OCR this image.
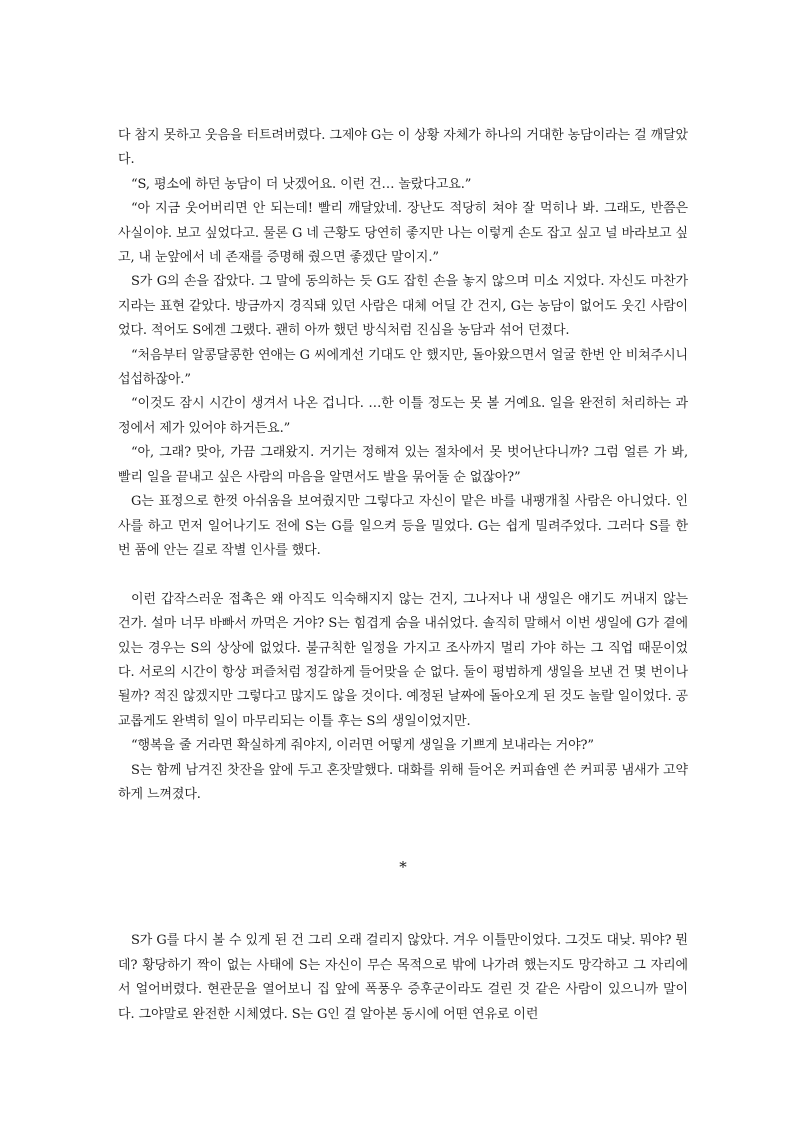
다 참지 못하고 웃음을 터트려버렸다. 그제야 G는 이 상황 자체가 하나의 거대한 농담이라는 걸 깨달았다.

“S, 평소에 하던 농담이 더 낫겠어요. 이런 건… 놀랐다고요.”

“아 지금 웃어버리면 안 되는데! 빨리 깨달았네. 장난도 적당히 쳐야 잘 먹히나 봐. 그래도, 반쯤은 사실이야. 보고 싶었다고. 물론 G 네 근황도 당연히 좋지만 나는 이렇게 손도 잡고 싶고 널 바라보고 싶고, 내 눈앞에서 네 존재를 증명해 줬으면 좋겠단 말이지.”

S가 G의 손을 잡았다. 그 말에 동의하는 듯 G도 잡힌 손을 놓지 않으며 미소 지었다. 자신도 마찬가지라는 표현 같았다. 방금까지 경직돼 있던 사람은 대체 어딜 간 건지, G는 농담이 없어도 웃긴 사람이었다. 적어도 S에겐 그랬다. 괜히 아까 했던 방식처럼 진심을 농담과 섞어 던졌다.

“처음부터 알콩달콩한 연애는 G 씨에게선 기대도 안 했지만, 돌아왔으면서 얼굴 한번 안 비쳐주시니 섭섭하잖아.”

“이것도 잠시 시간이 생겨서 나온 겁니다. …한 이틀 정도는 못 볼 거예요. 일을 완전히 처리하는 과정에서 제가 있어야 하거든요.”

“아, 그래? 맞아, 가끔 그래왔지. 거기는 정해져 있는 절차에서 못 벗어난다니까? 그럼 얼른 가 봐, 빨리 일을 끝내고 싶은 사람의 마음을 알면서도 발을 묶어둘 순 없잖아?”

G는 표정으로 한껏 아쉬움을 보여줬지만 그렇다고 자신이 맡은 바를 내팽개칠 사람은 아니었다. 인사를 하고 먼저 일어나기도 전에 S는 G를 일으켜 등을 밀었다. G는 쉽게 밀려주었다. 그러다 S를 한 번 품에 안는 길로 작별 인사를 했다.

이런 갑작스러운 접촉은 왜 아직도 익숙해지지 않는 건지, 그나저나 내 생일은 얘기도 꺼내지 않는 건가. 설마 너무 바빠서 까먹은 거야? S는 힘겹게 숨을 내쉬었다. 솔직히 말해서 이번 생일에 G가 곁에 있는 경우는 S의 상상에 없었다. 불규칙한 일정을 가지고 조사까지 멀리 가야 하는 그 직업 때문이었다. 서로의 시간이 항상 퍼즐처럼 정갈하게 들어맞을 순 없다. 둘이 평범하게 생일을 보낸 건 몇 번이나 될까? 적진 않겠지만 그렇다고 많지도 않을 것이다. 예정된 날짜에 돌아오게 된 것도 놀랄 일이었다. 공교롭게도 완벽히 일이 마무리되는 이틀 후는 S의 생일이었지만.

“행복을 줄 거라면 확실하게 줘야지, 이러면 어떻게 생일을 기쁘게 보내라는 거야?”

S는 함께 남겨진 찻잔을 앞에 두고 혼잣말했다. 대화를 위해 들어온 커피숍엔 쓴 커피콩 냄새가 고약하게 느껴졌다.

*

S가 G를 다시 볼 수 있게 된 건 그리 오래 걸리지 않았다. 겨우 이틀만이었다. 그것도 대낮. 뭐야? 뭔데? 황당하기 짝이 없는 사태에 S는 자신이 무슨 목적으로 밖에 나가려 했는지도 망각하고 그 자리에서 얼어버렸다. 현관문을 열어보니 집 앞에 폭풍우 증후군이라도 걸린 것 같은 사람이 있으니까 말이다. 그야말로 완전한 시체였다. S는 G인 걸 알아본 동시에 어떤 연유로 이런
